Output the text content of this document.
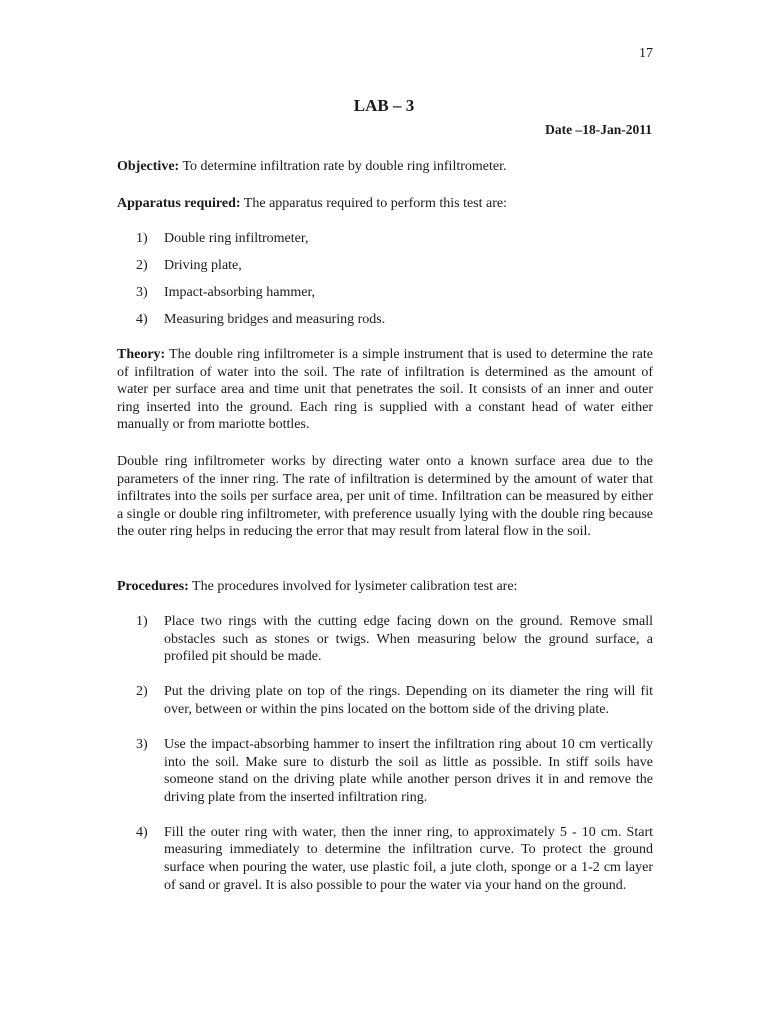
17
LAB – 3
Date –18-Jan-2011
Objective: To determine infiltration rate by double ring infiltrometer.
Apparatus required: The apparatus required to perform this test are:
1)	Double ring infiltrometer,
2)	Driving plate,
3)	Impact-absorbing hammer,
4)	Measuring bridges and measuring rods.
Theory: The double ring infiltrometer is a simple instrument that is used to determine the rate of infiltration of water into the soil. The rate of infiltration is determined as the amount of water per surface area and time unit that penetrates the soil. It consists of an inner and outer ring inserted into the ground. Each ring is supplied with a constant head of water either manually or from mariotte bottles.
Double ring infiltrometer works by directing water onto a known surface area due to the parameters of the inner ring. The rate of infiltration is determined by the amount of water that infiltrates into the soils per surface area, per unit of time. Infiltration can be measured by either a single or double ring infiltrometer, with preference usually lying with the double ring because the outer ring helps in reducing the error that may result from lateral flow in the soil.
Procedures: The procedures involved for lysimeter calibration test are:
1)	Place two rings with the cutting edge facing down on the ground. Remove small obstacles such as stones or twigs. When measuring below the ground surface, a profiled pit should be made.
2)	Put the driving plate on top of the rings. Depending on its diameter the ring will fit over, between or within the pins located on the bottom side of the driving plate.
3)	Use the impact-absorbing hammer to insert the infiltration ring about 10 cm vertically into the soil. Make sure to disturb the soil as little as possible. In stiff soils have someone stand on the driving plate while another person drives it in and remove the driving plate from the inserted infiltration ring.
4)	Fill the outer ring with water, then the inner ring, to approximately 5 - 10 cm. Start measuring immediately to determine the infiltration curve. To protect the ground surface when pouring the water, use plastic foil, a jute cloth, sponge or a 1-2 cm layer of sand or gravel. It is also possible to pour the water via your hand on the ground.
